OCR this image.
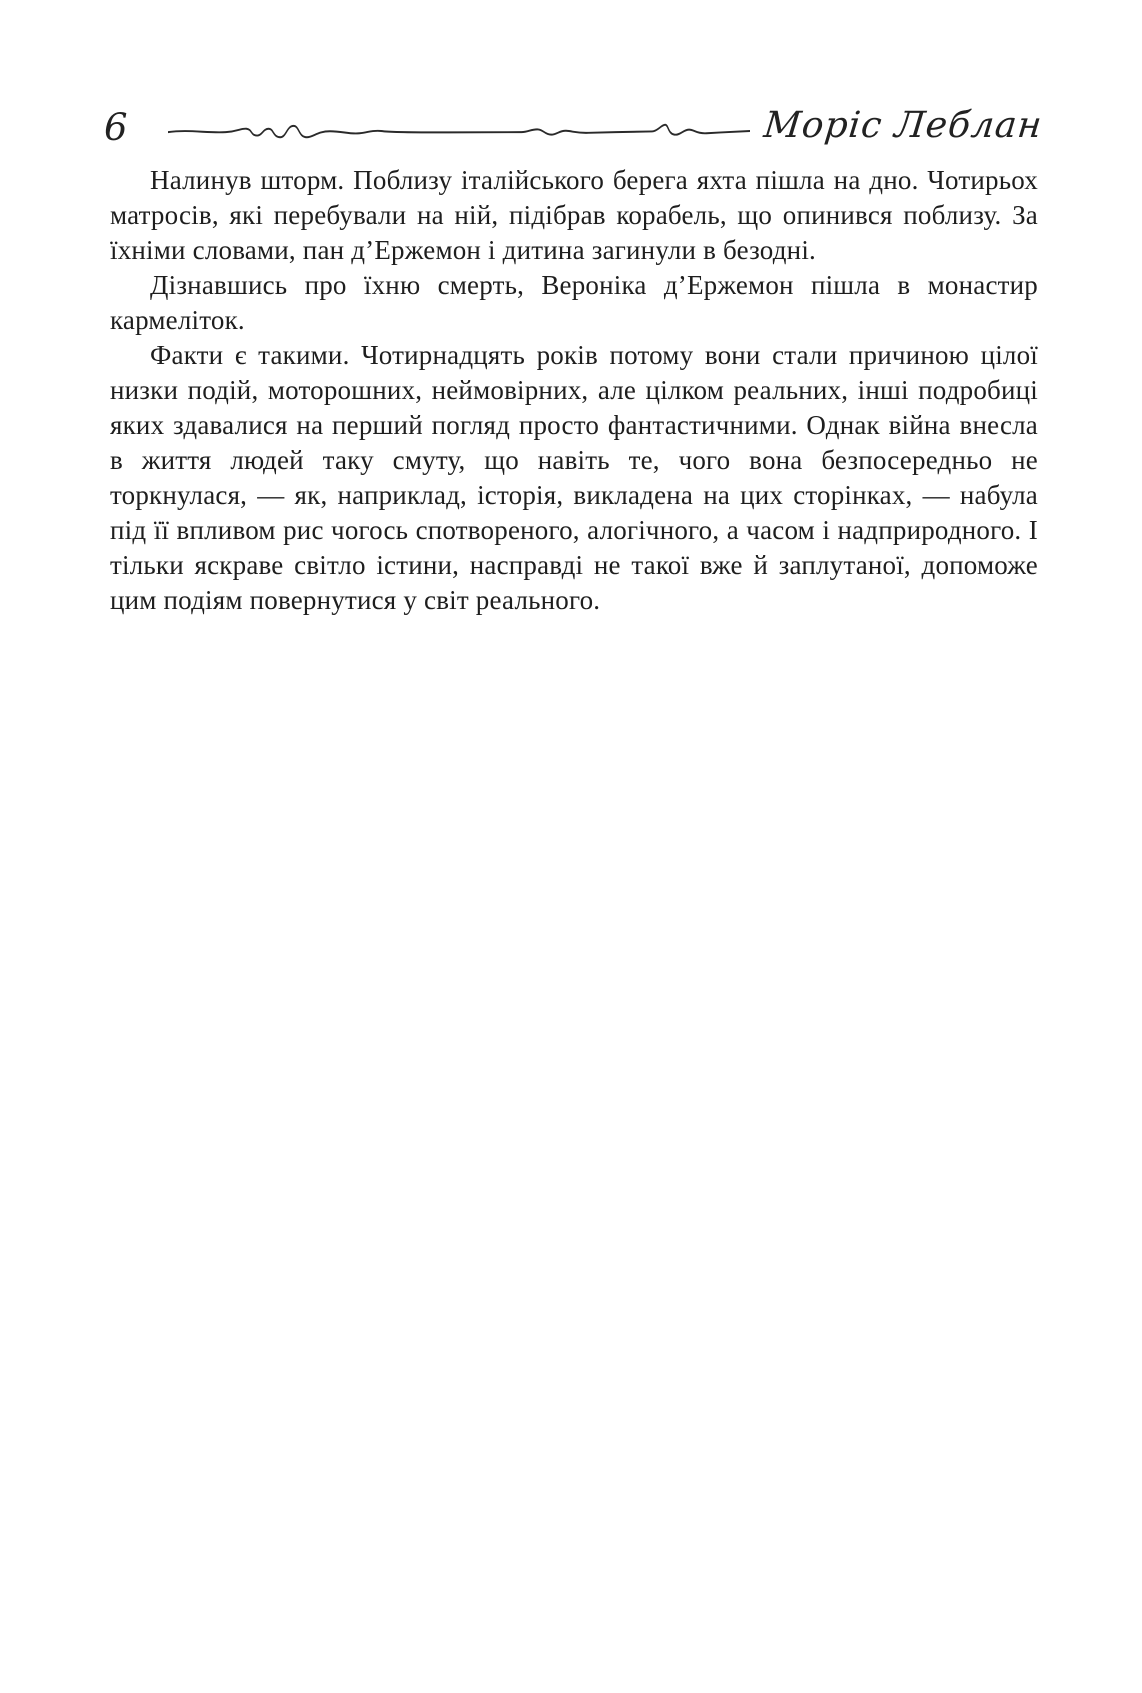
6	Моріс Леблан

Налинув шторм. Поблизу італійського берега яхта пішла на дно. Чотирьох матросів, які перебували на ній, підібрав корабель, що опинився поблизу. За їхніми словами, пан д’Ержемон і дитина загинули в безодні.

Дізнавшись про їхню смерть, Вероніка д’Ержемон пішла в монастир кармеліток.

Факти є такими. Чотирнадцять років потому вони стали причиною цілої низки подій, моторошних, неймовірних, але цілком реальних, інші подробиці яких здавалися на перший погляд просто фантастичними. Однак війна внесла в життя людей таку смуту, що навіть те, чого вона безпосередньо не торкнулася, — як, наприклад, історія, викладена на цих сторінках, — набула під її впливом рис чогось спотвореного, алогічного, а часом і надприродного. І тільки яскраве світло істини, насправді не такої вже й заплутаної, допоможе цим подіям повернутися у світ реального.
